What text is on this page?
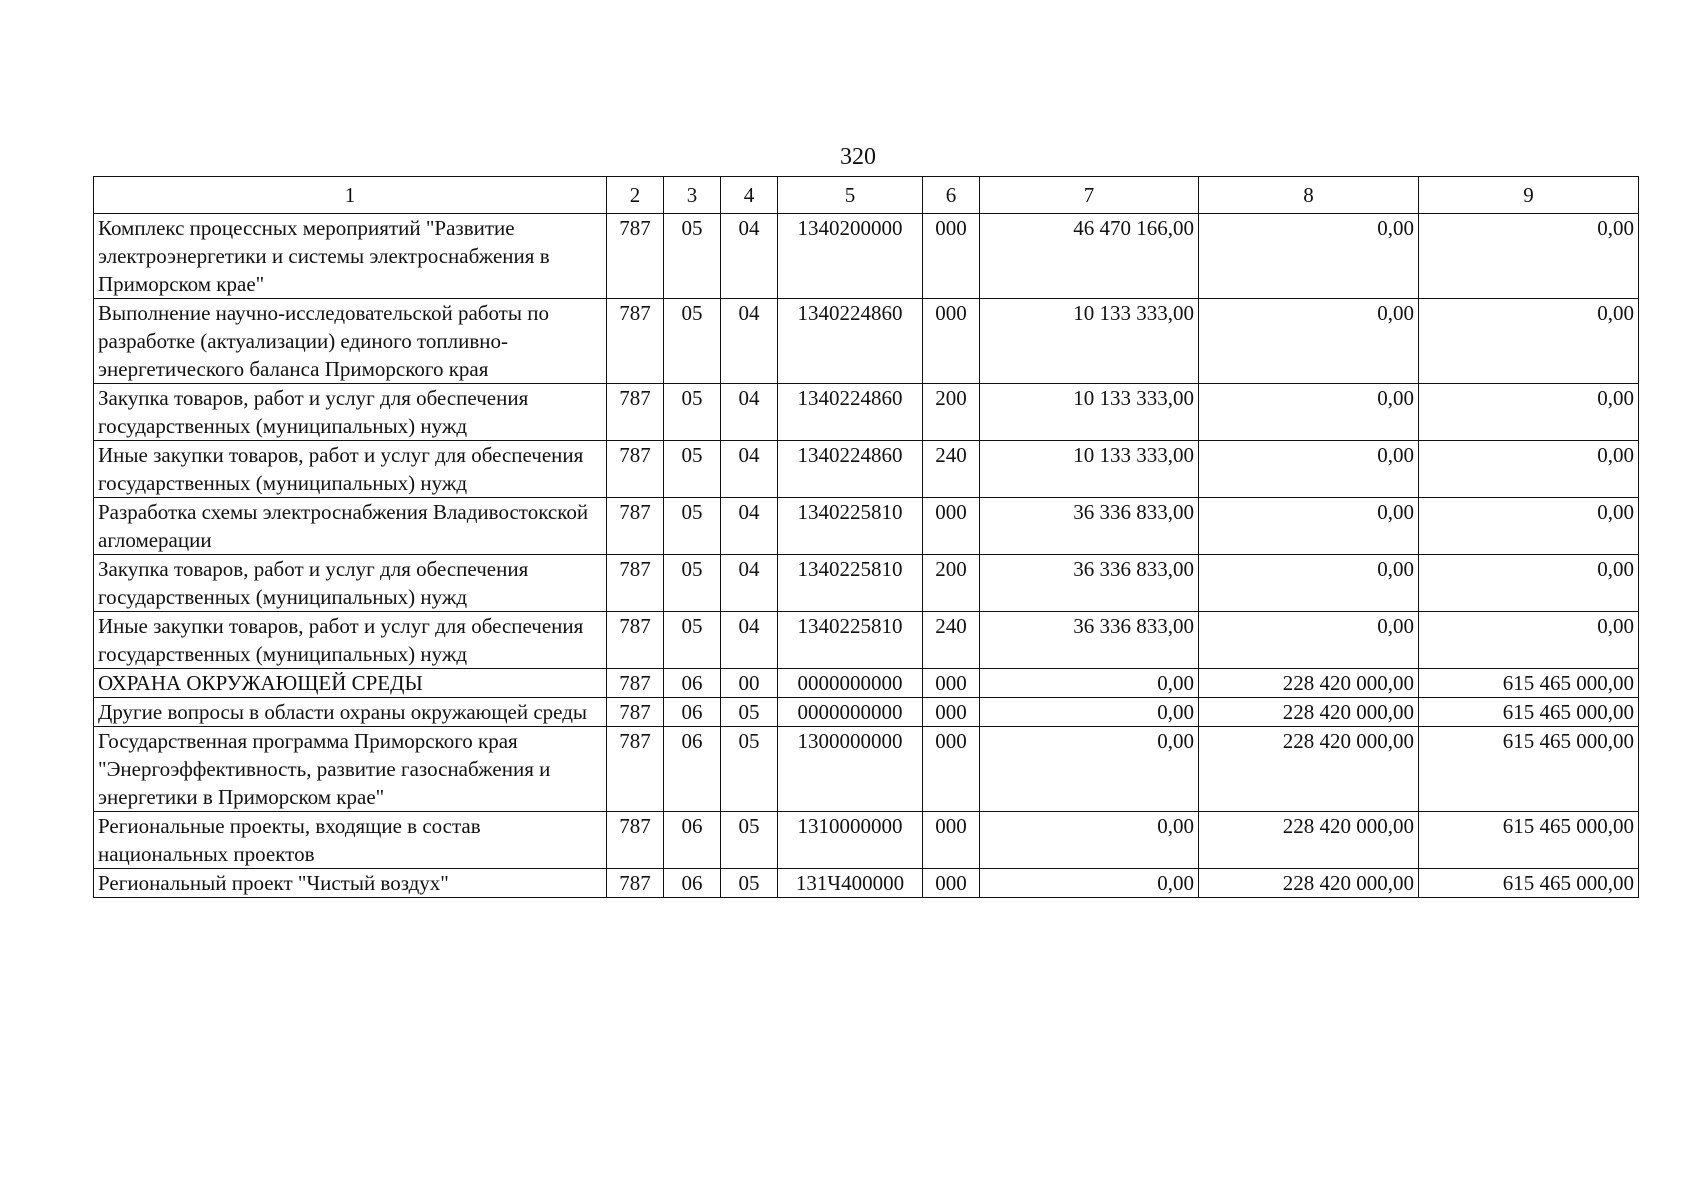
320
1	2	3	4	5	6	7	8	9
Комплекс процессных мероприятий "Развитие электроэнергетики и системы электроснабжения в Приморском крае"	787	05	04	1340200000	000	46 470 166,00	0,00	0,00
Выполнение научно-исследовательской работы по разработке (актуализации) единого топливно-энергетического баланса Приморского края	787	05	04	1340224860	000	10 133 333,00	0,00	0,00
Закупка товаров, работ и услуг для обеспечения государственных (муниципальных) нужд	787	05	04	1340224860	200	10 133 333,00	0,00	0,00
Иные закупки товаров, работ и услуг для обеспечения государственных (муниципальных) нужд	787	05	04	1340224860	240	10 133 333,00	0,00	0,00
Разработка схемы электроснабжения Владивостокской агломерации	787	05	04	1340225810	000	36 336 833,00	0,00	0,00
Закупка товаров, работ и услуг для обеспечения государственных (муниципальных) нужд	787	05	04	1340225810	200	36 336 833,00	0,00	0,00
Иные закупки товаров, работ и услуг для обеспечения государственных (муниципальных) нужд	787	05	04	1340225810	240	36 336 833,00	0,00	0,00
ОХРАНА ОКРУЖАЮЩЕЙ СРЕДЫ	787	06	00	0000000000	000	0,00	228 420 000,00	615 465 000,00
Другие вопросы в области охраны окружающей среды	787	06	05	0000000000	000	0,00	228 420 000,00	615 465 000,00
Государственная программа Приморского края "Энергоэффективность, развитие газоснабжения и энергетики в Приморском крае"	787	06	05	1300000000	000	0,00	228 420 000,00	615 465 000,00
Региональные проекты, входящие в состав национальных проектов	787	06	05	1310000000	000	0,00	228 420 000,00	615 465 000,00
Региональный проект "Чистый воздух"	787	06	05	131Ч400000	000	0,00	228 420 000,00	615 465 000,00
